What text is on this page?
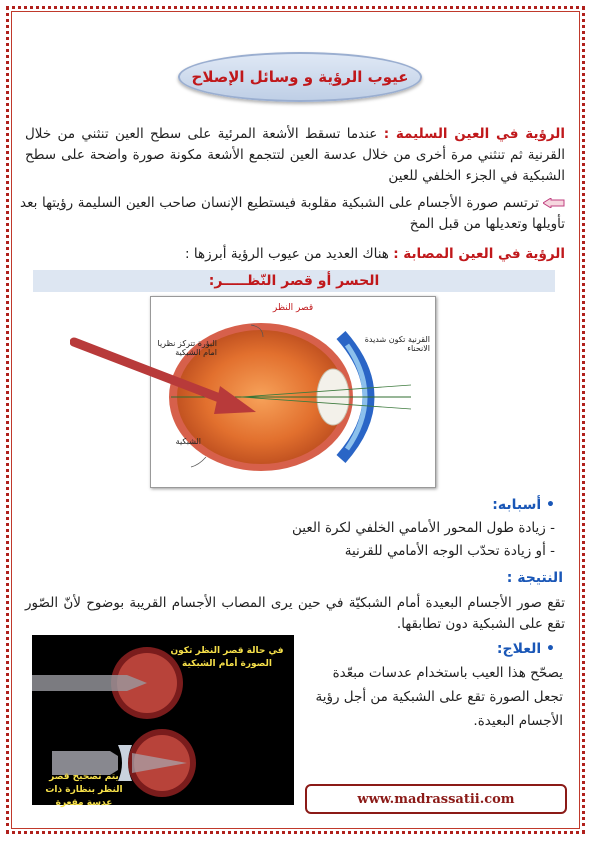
عيوب الرؤية و وسائل الإصلاح
الرؤية في العين السليمة : عندما تسقط الأشعة المرئية على سطح العين تنثني من خلال القرنية ثم تنثني مرة أخرى من خلال عدسة العين لتتجمع الأشعة مكونة صورة واضحة على سطح الشبكية في الجزء الخلفي للعين
ترتسم صورة الأجسام على الشبكية مقلوبة فيستطيع الإنسان صاحب العين السليمة رؤيتها بعد تأويلها وتعديلها من قبل المخ
الرؤية في العين المصابة : هناك العديد من عيوب الرؤية أبرزها :
الحسر أو قصر النّظـــــر:
قصر النظر
البؤرة تتركز نظريا امام الشبكية
القرنية تكون شديدة الانحناء
الشبكية
• أسبابه:
- زيادة طول المحور الأمامي الخلفي لكرة العين
- أو زيادة تحدّب الوجه الأمامي للقرنية
النتيجة :
تقع صور الأجسام البعيدة أمام الشبكيّة في حين يرى المصاب الأجسام القريبة بوضوح لأنّ الصّور تقع على الشبكية دون تطابقها.
• العلاج:
يصحّح هذا العيب باستخدام عدسات مبعّدة
تجعل الصورة تقع على الشبكية من أجل رؤية
الأجسام البعيدة.
في حالة قصر النظر تكون الصورة أمام الشبكية
يتم تصحيح قصر النظر بنظارة ذات عدسة مقعرة	www.madrassatii.com
